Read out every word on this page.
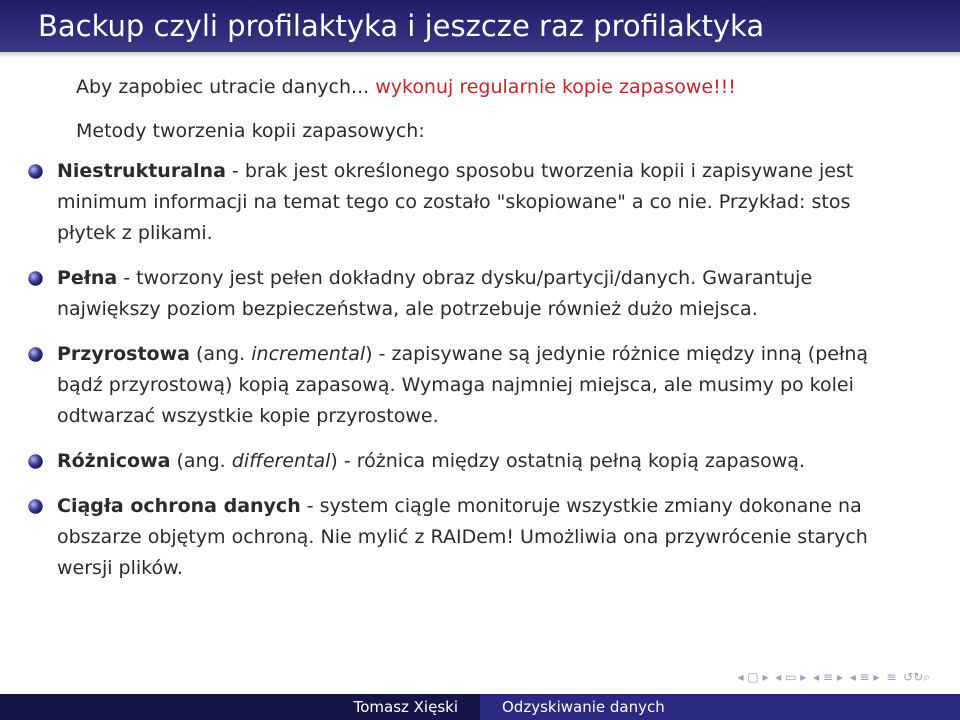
Backup czyli profilaktyka i jeszcze raz profilaktyka

Aby zapobiec utracie danych... wykonuj regularnie kopie zapasowe!!!

Metody tworzenia kopii zapasowych:

Niestrukturalna - brak jest określonego sposobu tworzenia kopii i zapisywane jest minimum informacji na temat tego co zostało "skopiowane" a co nie. Przykład: stos płytek z plikami.
Pełna - tworzony jest pełen dokładny obraz dysku/partycji/danych. Gwarantuje największy poziom bezpieczeństwa, ale potrzebuje również dużo miejsca.
Przyrostowa (ang. incremental) - zapisywane są jedynie różnice między inną (pełną bądź przyrostową) kopią zapasową. Wymaga najmniej miejsca, ale musimy po kolei odtwarzać wszystkie kopie przyrostowe.
Różnicowa (ang. differental) - różnica między ostatnią pełną kopią zapasową.
Ciągła ochrona danych - system ciągle monitoruje wszystkie zmiany dokonane na obszarze objętym ochroną. Nie mylić z RAIDem! Umożliwia ona przywrócenie starych wersji plików.
◂ ▢ ▸ ◂ ▭ ▸ ◂ ≡ ▸ ◂ ≡ ▸ ≡ ↺↻⌕
Tomasz Xięski	Odzyskiwanie danych
